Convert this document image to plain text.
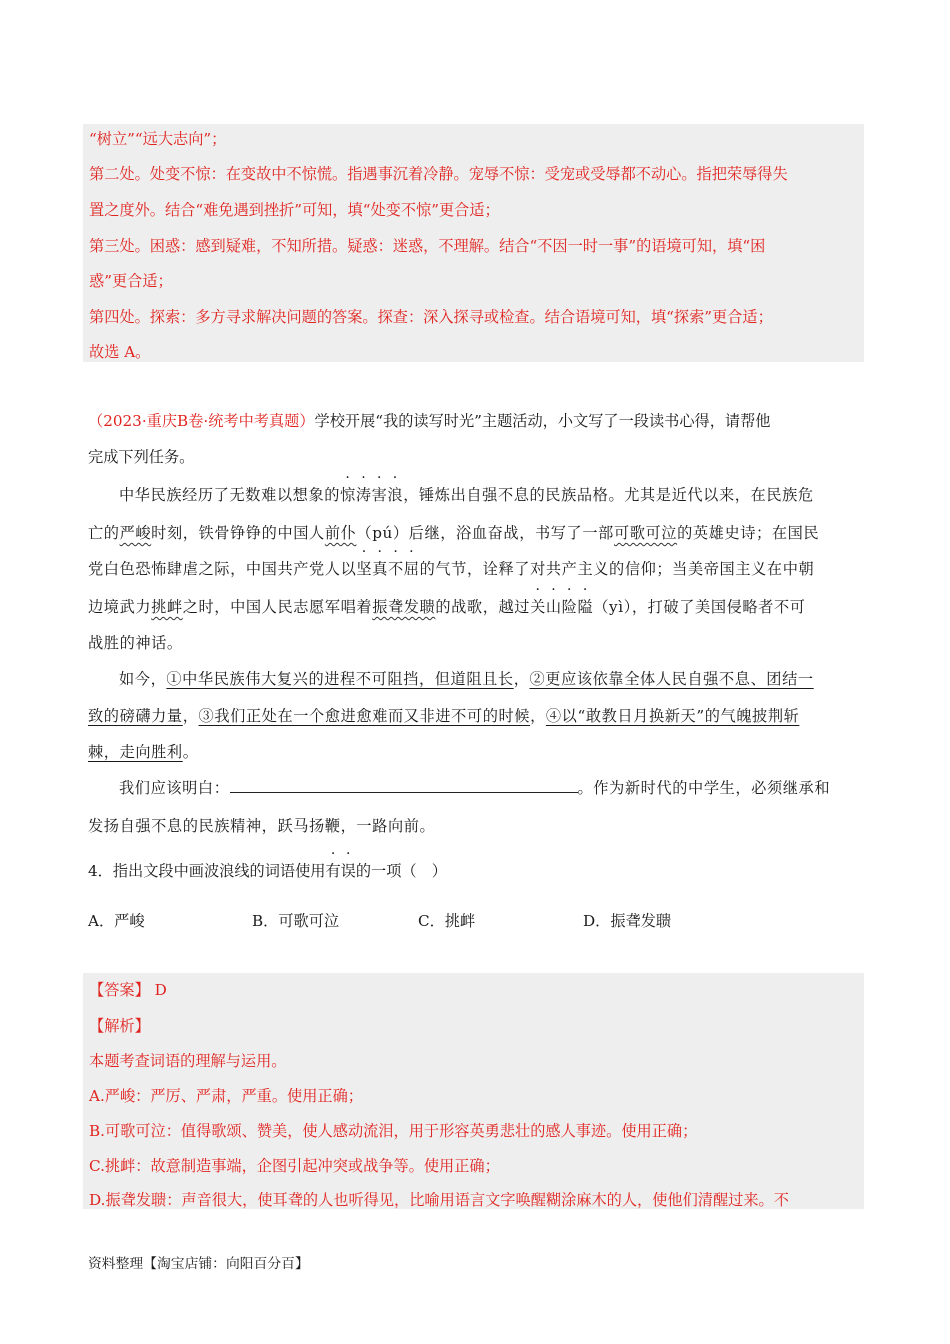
“树立”“远大志向”；
第二处。处变不惊：在变故中不惊慌。指遇事沉着冷静。宠辱不惊：受宠或受辱都不动心。指把荣辱得失
置之度外。结合“难免遇到挫折”可知，填“处变不惊”更合适；
第三处。困惑：感到疑难，不知所措。疑惑：迷惑，不理解。结合“不因一时一事”的语境可知，填“困
惑”更合适；
第四处。探索：多方寻求解决问题的答案。探查：深入探寻或检查。结合语境可知，填“探索”更合适；
故选 A。
（2023·重庆B卷·统考中考真题）学校开展“我的读写时光”主题活动，小文写了一段读书心得，请帮他
完成下列任务。
中华民族经历了无数难以想象的惊涛害浪，锤炼出自强不息的民族品格。尤其是近代以来，在民族危
亡的严峻时刻，铁骨铮铮的中国人前仆（pú）后继，浴血奋战，书写了一部可歌可泣的英雄史诗；在国民
党白色恐怖肆虐之际，中国共产党人以坚真不屈的气节，诠释了对共产主义的信仰；当美帝国主义在中朝
边境武力挑衅之时，中国人民志愿军唱着振聋发聩的战歌，越过关山险隘（yì），打破了美国侵略者不可
战胜的神话。
如今，①中华民族伟大复兴的进程不可阻挡，但道阻且长，②更应该依靠全体人民自强不息、团结一
致的磅礴力量，③我们正处在一个愈进愈难而又非进不可的时候，④以“敢教日月换新天”的气魄披荆斩
棘，走向胜利。
我们应该明白：	。作为新时代的中学生，必须继承和
发扬自强不息的民族精神，跃马扬鞭，一路向前。
4．指出文段中画波浪线的词语使用有误的一项（　）
A．严峻	B．可歌可泣	C．挑衅	D．振聋发聩
【答案】 D
【解析】
本题考查词语的理解与运用。
A.严峻：严厉、严肃，严重。使用正确；
B.可歌可泣：值得歌颂、赞美，使人感动流泪，用于形容英勇悲壮的感人事迹。使用正确；
C.挑衅：故意制造事端，企图引起冲突或战争等。使用正确；
D.振聋发聩：声音很大，使耳聋的人也听得见，比喻用语言文字唤醒糊涂麻木的人，使他们清醒过来。不
资料整理【淘宝店铺：向阳百分百】
